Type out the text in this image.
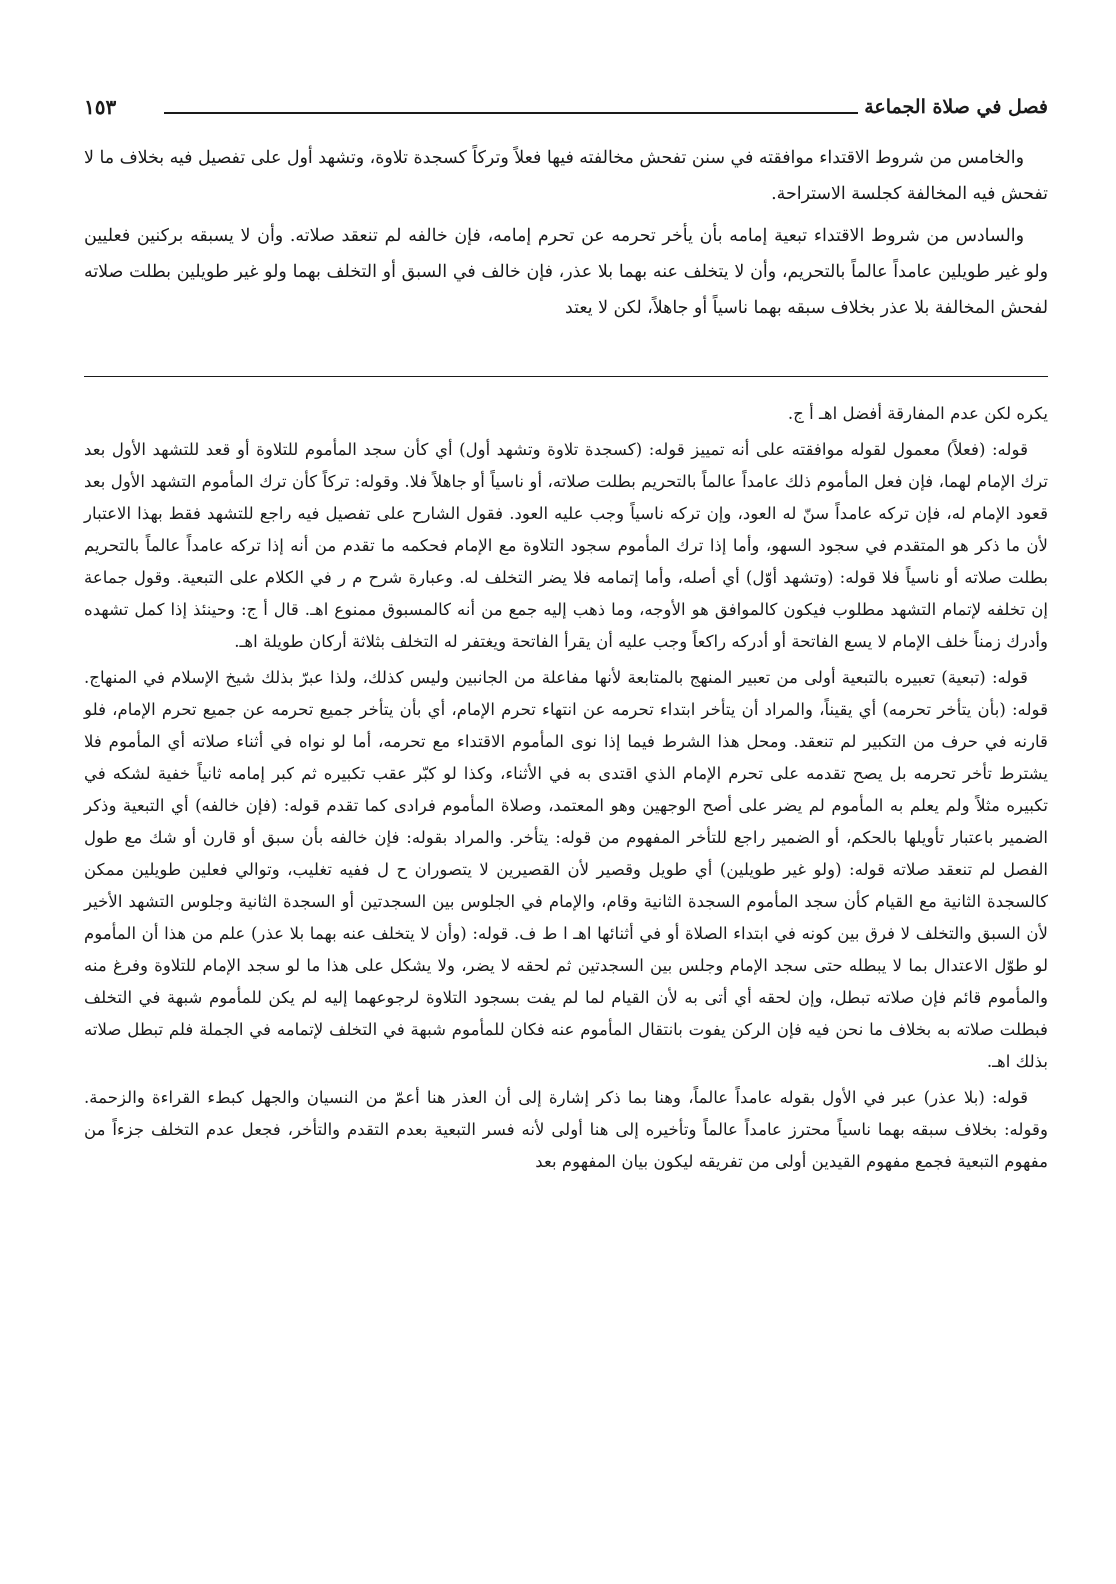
فصل في صلاة الجماعة
١٥٣

والخامس من شروط الاقتداء موافقته في سنن تفحش مخالفته فيها فعلاً وتركاً كسجدة تلاوة، وتشهد أول على تفصيل فيه بخلاف ما لا تفحش فيه المخالفة كجلسة الاستراحة.

والسادس من شروط الاقتداء تبعية إمامه بأن يأخر تحرمه عن تحرم إمامه، فإن خالفه لم تنعقد صلاته. وأن لا يسبقه بركنين فعليين ولو غير طويلين عامداً عالماً بالتحريم، وأن لا يتخلف عنه بهما بلا عذر، فإن خالف في السبق أو التخلف بهما ولو غير طويلين بطلت صلاته لفحش المخالفة بلا عذر بخلاف سبقه بهما ناسياً أو جاهلاً، لكن لا يعتد

يكره لكن عدم المفارقة أفضل اهـ أ ج.

قوله: (فعلاً) معمول لقوله موافقته على أنه تمييز قوله: (كسجدة تلاوة وتشهد أول) أي كأن سجد المأموم للتلاوة أو قعد للتشهد الأول بعد ترك الإمام لهما، فإن فعل المأموم ذلك عامداً عالماً بالتحريم بطلت صلاته، أو ناسياً أو جاهلاً فلا. وقوله: تركاً كأن ترك المأموم التشهد الأول بعد قعود الإمام له، فإن تركه عامداً سنّ له العود، وإن تركه ناسياً وجب عليه العود. فقول الشارح على تفصيل فيه راجع للتشهد فقط بهذا الاعتبار لأن ما ذكر هو المتقدم في سجود السهو، وأما إذا ترك المأموم سجود التلاوة مع الإمام فحكمه ما تقدم من أنه إذا تركه عامداً عالماً بالتحريم بطلت صلاته أو ناسياً فلا قوله: (وتشهد أوّل) أي أصله، وأما إتمامه فلا يضر التخلف له. وعبارة شرح م ر في الكلام على التبعية. وقول جماعة إن تخلفه لإتمام التشهد مطلوب فيكون كالموافق هو الأوجه، وما ذهب إليه جمع من أنه كالمسبوق ممنوع اهـ. قال أ ج: وحينئذ إذا كمل تشهده وأدرك زمناً خلف الإمام لا يسع الفاتحة أو أدركه راكعاً وجب عليه أن يقرأ الفاتحة ويغتفر له التخلف بثلاثة أركان طويلة اهـ.

قوله: (تبعية) تعبيره بالتبعية أولى من تعبير المنهج بالمتابعة لأنها مفاعلة من الجانبين وليس كذلك، ولذا عبرّ بذلك شيخ الإسلام في المنهاج. قوله: (بأن يتأخر تحرمه) أي يقيناً، والمراد أن يتأخر ابتداء تحرمه عن انتهاء تحرم الإمام، أي بأن يتأخر جميع تحرمه عن جميع تحرم الإمام، فلو قارنه في حرف من التكبير لم تنعقد. ومحل هذا الشرط فيما إذا نوى المأموم الاقتداء مع تحرمه، أما لو نواه في أثناء صلاته أي المأموم فلا يشترط تأخر تحرمه بل يصح تقدمه على تحرم الإمام الذي اقتدى به في الأثناء، وكذا لو كبّر عقب تكبيره ثم كبر إمامه ثانياً خفية لشكه في تكبيره مثلاً ولم يعلم به المأموم لم يضر على أصح الوجهين وهو المعتمد، وصلاة المأموم فرادى كما تقدم قوله: (فإن خالفه) أي التبعية وذكر الضمير باعتبار تأويلها بالحكم، أو الضمير راجع للتأخر المفهوم من قوله: يتأخر. والمراد بقوله: فإن خالفه بأن سبق أو قارن أو شك مع طول الفصل لم تنعقد صلاته قوله: (ولو غير طويلين) أي طويل وقصير لأن القصيرين لا يتصوران ح ل ففيه تغليب، وتوالي فعلين طويلين ممكن كالسجدة الثانية مع القيام كأن سجد المأموم السجدة الثانية وقام، والإمام في الجلوس بين السجدتين أو السجدة الثانية وجلوس التشهد الأخير لأن السبق والتخلف لا فرق بين كونه في ابتداء الصلاة أو في أثنائها اهـ ا ط ف. قوله: (وأن لا يتخلف عنه بهما بلا عذر) علم من هذا أن المأموم لو طوّل الاعتدال بما لا يبطله حتى سجد الإمام وجلس بين السجدتين ثم لحقه لا يضر، ولا يشكل على هذا ما لو سجد الإمام للتلاوة وفرغ منه والمأموم قائم فإن صلاته تبطل، وإن لحقه أي أتى به لأن القيام لما لم يفت بسجود التلاوة لرجوعهما إليه لم يكن للمأموم شبهة في التخلف فبطلت صلاته به بخلاف ما نحن فيه فإن الركن يفوت بانتقال المأموم عنه فكان للمأموم شبهة في التخلف لإتمامه في الجملة فلم تبطل صلاته بذلك اهـ.

قوله: (بلا عذر) عبر في الأول بقوله عامداً عالماً، وهنا بما ذكر إشارة إلى أن العذر هنا أعمّ من النسيان والجهل كبطء القراءة والزحمة. وقوله: بخلاف سبقه بهما ناسياً محترز عامداً عالماً وتأخيره إلى هنا أولى لأنه فسر التبعية بعدم التقدم والتأخر، فجعل عدم التخلف جزءاً من مفهوم التبعية فجمع مفهوم القيدين أولى من تفريقه ليكون بيان المفهوم بعد
